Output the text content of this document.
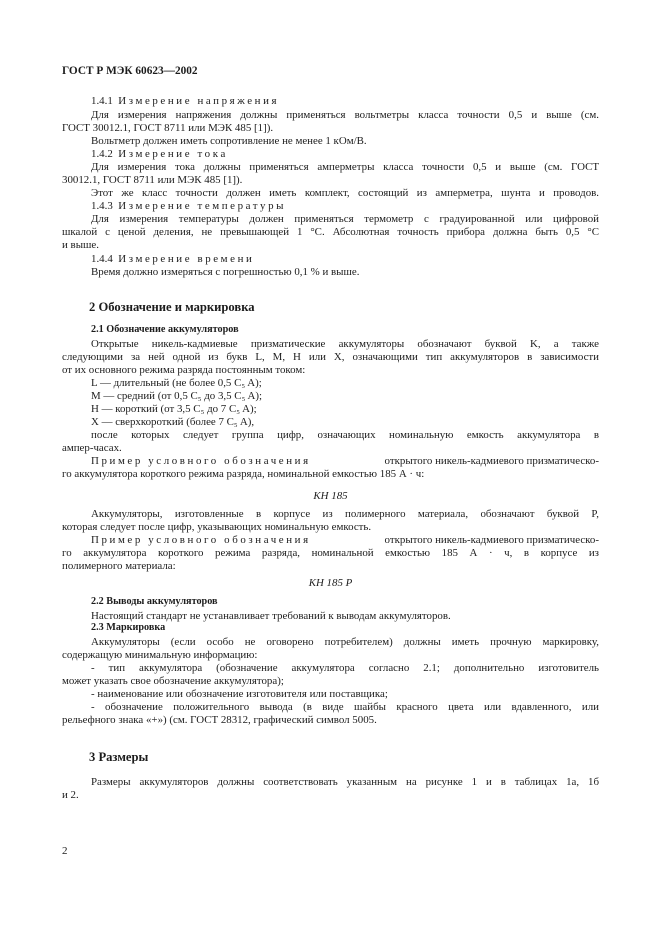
ГОСТ Р МЭК 60623—2002
1.4.1 Измерение напряжения
Для измерения напряжения должны применяться вольтметры класса точности 0,5 и выше (см.
ГОСТ 30012.1, ГОСТ 8711 или МЭК 485 [1]).
Вольтметр должен иметь сопротивление не менее 1 кОм/В.
1.4.2 Измерение тока
Для измерения тока должны применяться амперметры класса точности 0,5 и выше (см. ГОСТ
30012.1, ГОСТ 8711 или МЭК 485 [1]).
Этот же класс точности должен иметь комплект, состоящий из амперметра, шунта и проводов.
1.4.3 Измерение температуры
Для измерения температуры должен применяться термометр с градуированной или цифровой
шкалой с ценой деления, не превышающей 1 °С. Абсолютная точность прибора должна быть 0,5 °С
и выше.
1.4.4 Измерение времени
Время должно измеряться с погрешностью 0,1 % и выше.
2 Обозначение и маркировка
2.1 Обозначение аккумуляторов
Открытые никель-кадмиевые призматические аккумуляторы обозначают буквой K, а также
следующими за ней одной из букв L, M, H или X, означающими тип аккумуляторов в зависимости
от их основного режима разряда постоянным током:
L — длительный (не более 0,5 C₅ A);
M — средний (от 0,5 C₅ до 3,5 C₅ A);
H — короткий (от 3,5 C₅ до 7 C₅ A);
X — сверхкороткий (более 7 C₅ A),
после которых следует группа цифр, означающих номинальную емкость аккумулятора в
ампер-часах.
Пример условного обозначения	открытого никель-кадмиевого призматическо-
го аккумулятора короткого режима разряда, номинальной емкостью 185 А · ч:
KH 185
Аккумуляторы, изготовленные в корпусе из полимерного материала, обозначают буквой P,
которая следует после цифр, указывающих номинальную емкость.
Пример условного обозначения	открытого никель-кадмиевого призматическо-
го аккумулятора короткого режима разряда, номинальной емкостью 185 А · ч, в корпусе из
полимерного материала:
KH 185 P
2.2 Выводы аккумуляторов
Настоящий стандарт не устанавливает требований к выводам аккумуляторов.
2.3 Маркировка
Аккумуляторы (если особо не оговорено потребителем) должны иметь прочную маркировку,
содержащую минимальную информацию:
- тип аккумулятора (обозначение аккумулятора согласно 2.1; дополнительно изготовитель
может указать свое обозначение аккумулятора);
- наименование или обозначение изготовителя или поставщика;
- обозначение положительного вывода (в виде шайбы красного цвета или вдавленного, или
рельефного знака «+») (см. ГОСТ 28312, графический символ 5005.
3 Размеры
Размеры аккумуляторов должны соответствовать указанным на рисунке 1 и в таблицах 1а, 1б
и 2.
2
